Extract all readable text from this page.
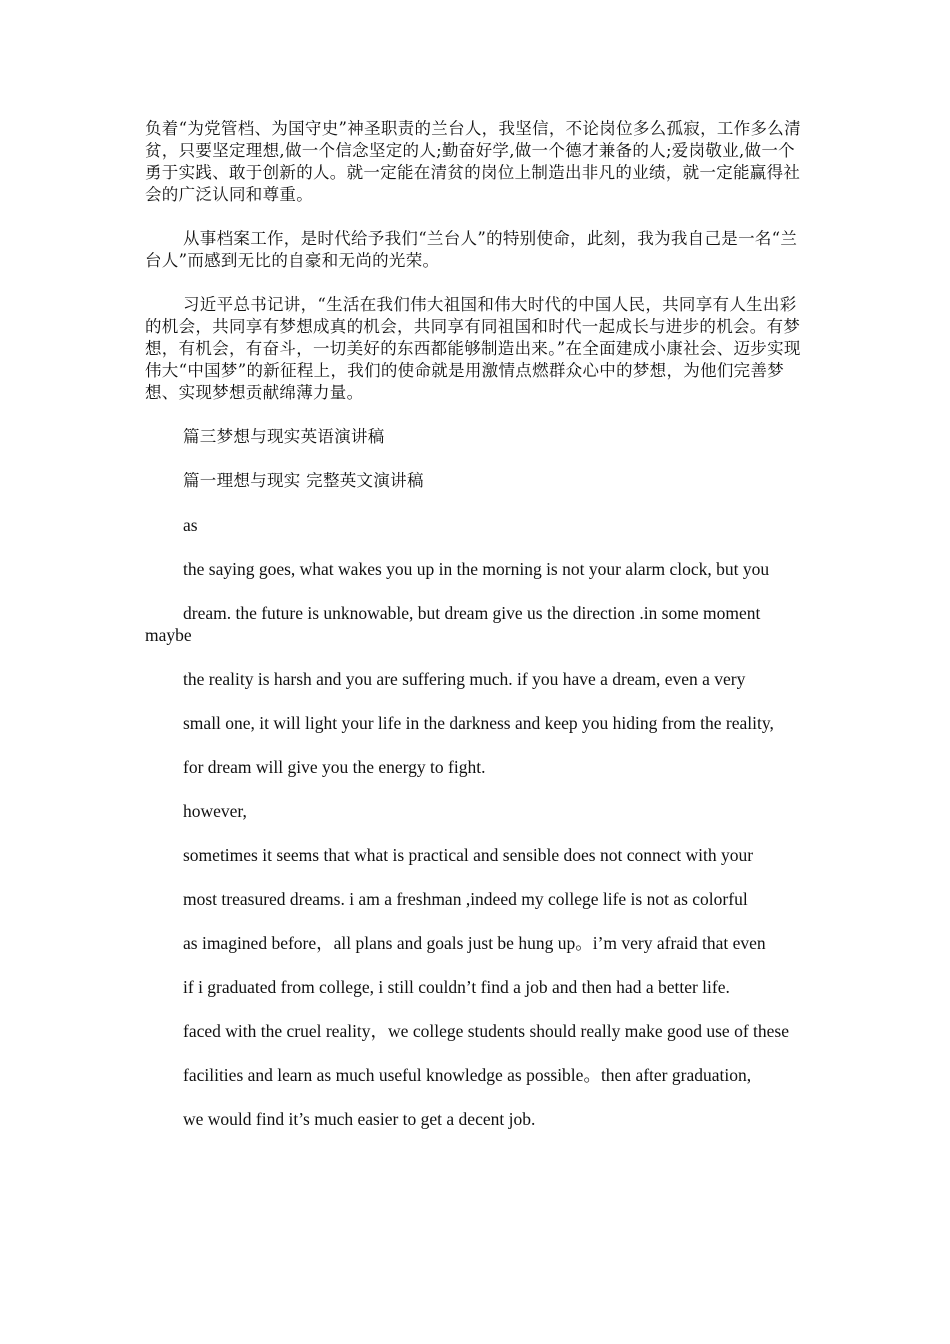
负着“为党管档、为国守史”神圣职责的兰台人，我坚信，不论岗位多么孤寂，工作多么清贫，只要坚定理想,做一个信念坚定的人;勤奋好学,做一个德才兼备的人;爱岗敬业,做一个勇于实践、敢于创新的人。就一定能在清贫的岗位上制造出非凡的业绩，就一定能赢得社会的广泛认同和尊重。

从事档案工作，是时代给予我们“兰台人”的特别使命，此刻，我为我自己是一名“兰台人”而感到无比的自豪和无尚的光荣。

习近平总书记讲，“生活在我们伟大祖国和伟大时代的中国人民，共同享有人生出彩的机会，共同享有梦想成真的机会，共同享有同祖国和时代一起成长与进步的机会。有梦想，有机会，有奋斗，一切美好的东西都能够制造出来。”在全面建成小康社会、迈步实现伟大“中国梦”的新征程上，我们的使命就是用激情点燃群众心中的梦想，为他们完善梦想、实现梦想贡献绵薄力量。

篇三梦想与现实英语演讲稿

篇一理想与现实 完整英文演讲稿

as

the saying goes, what wakes you up in the morning is not your alarm clock, but you

dream. the future is unknowable, but dream give us the direction .in some moment maybe

the reality is harsh and you are suffering much. if you have a dream, even a very

small one, it will light your life in the darkness and keep you hiding from the reality,

for dream will give you the energy to fight.

however,

sometimes it seems that what is practical and sensible does not connect with your

most treasured dreams. i am a freshman ,indeed my college life is not as colorful

as imagined before，all plans and goals just be hung up。i’m very afraid that even

if i graduated from college, i still couldn’t find a job and then had a better life.

faced with the cruel reality，we college students should really make good use of these

facilities and learn as much useful knowledge as possible。then after graduation,

we would find it’s much easier to get a decent job.
